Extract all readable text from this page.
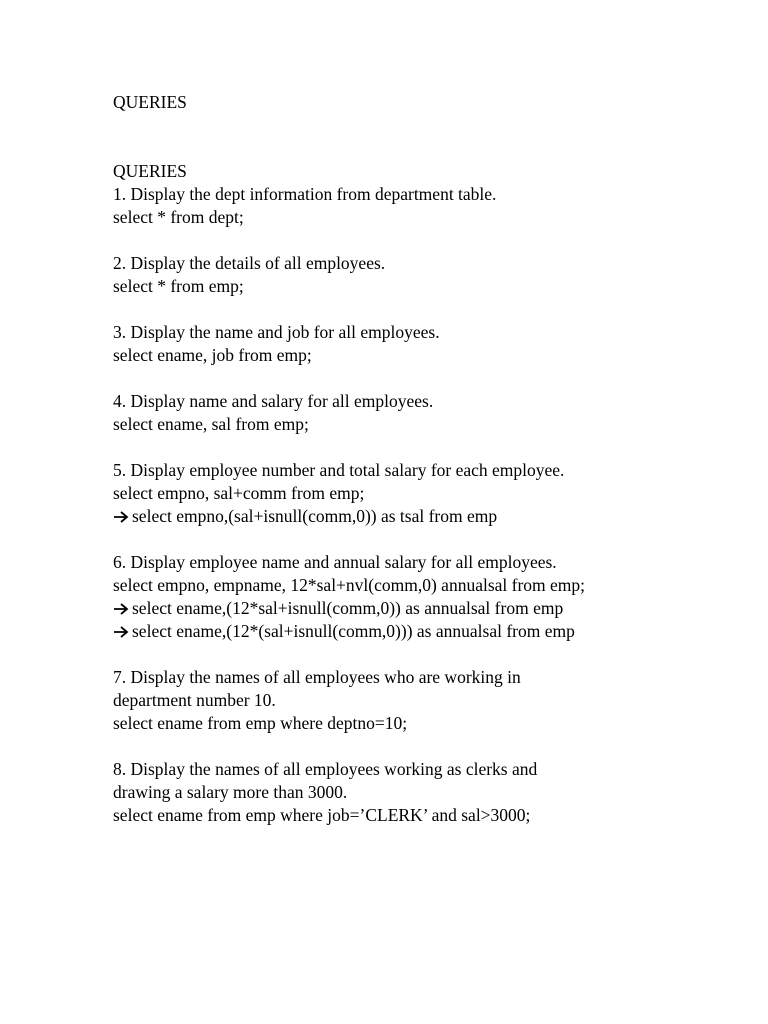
QUERIES
QUERIES
1. Display the dept information from department table.
select * from dept;
2. Display the details of all employees.
select * from emp;
3. Display the name and job for all employees.
select ename, job from emp;
4. Display name and salary for all employees.
select ename, sal from emp;
5. Display employee number and total salary for each employee.
select empno, sal+comm from emp;
select empno,(sal+isnull(comm,0)) as tsal from emp
6. Display employee name and annual salary for all employees.
select empno, empname, 12*sal+nvl(comm,0) annualsal from emp;
select ename,(12*sal+isnull(comm,0)) as annualsal from emp
select ename,(12*(sal+isnull(comm,0))) as annualsal from emp
7. Display the names of all employees who are working in
department number 10.
select ename from emp where deptno=10;
8. Display the names of all employees working as clerks and
drawing a salary more than 3000.
select ename from emp where job=’CLERK’ and sal>3000;
